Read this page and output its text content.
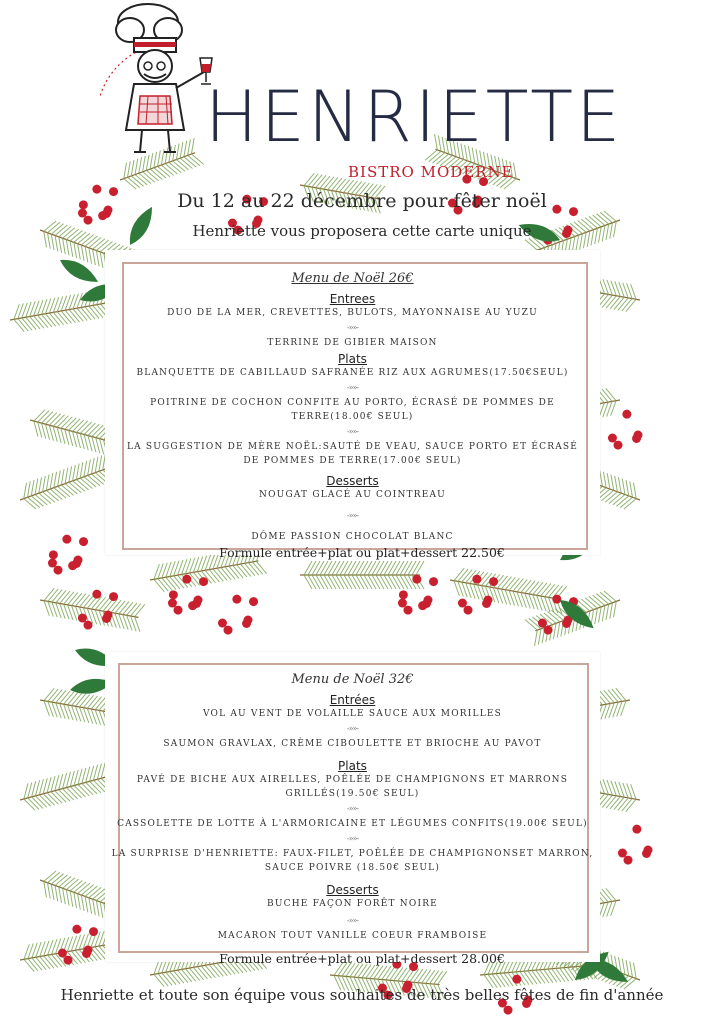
HENRIETTE
BISTRO MODERNE
Du 12 au 22 décembre pour fêter noël
Henriette vous proposera cette carte unique
Menu de Noël 26€
Entrees
DUO DE LA MER, CREVETTES, BULOTS, MAYONNAISE AU YUZU
-»»-
TERRINE DE GIBIER MAISON
Plats
BLANQUETTE DE CABILLAUD SAFRANÉE RIZ AUX AGRUMES(17.50€SEUL)
-»»-
POITRINE DE COCHON CONFITE AU PORTO, ÉCRASÉ DE POMMES DE
TERRE(18.00€ SEUL)
-»»-
LA SUGGESTION DE MÈRE NOËL:SAUTÉ DE VEAU, SAUCE PORTO ET ÉCRASÉ
DE POMMES DE TERRE(17.00€ SEUL)
Desserts
NOUGAT GLACÉ AU COINTREAU
-»»-
DÔME PASSION CHOCOLAT BLANC
Formule entrée+plat ou plat+dessert 22.50€
Menu de Noël 32€
Entrées
VOL AU VENT DE VOLAILLE SAUCE AUX MORILLES
-»»-
SAUMON GRAVLAX, CRÈME CIBOULETTE ET BRIOCHE AU PAVOT
Plats
PAVÉ DE BICHE AUX AIRELLES, POÊLÉE DE CHAMPIGNONS ET MARRONS
GRILLÉS(19.50€ SEUL)
-»»-
CASSOLETTE DE LOTTE À L'ARMORICAINE ET LÉGUMES CONFITS(19.00€ SEUL)
-»»-
LA SURPRISE D'HENRIETTE: FAUX-FILET, POÊLÉE DE CHAMPIGNONSET MARRON,
SAUCE POIVRE (18.50€ SEUL)
Desserts
BUCHE FAÇON FORÊT NOIRE
-»»-
MACARON TOUT VANILLE COEUR FRAMBOISE
Formule entrée+plat ou plat+dessert 28.00€
Henriette et toute son équipe vous souhaites de très belles fêtes de fin d'année
